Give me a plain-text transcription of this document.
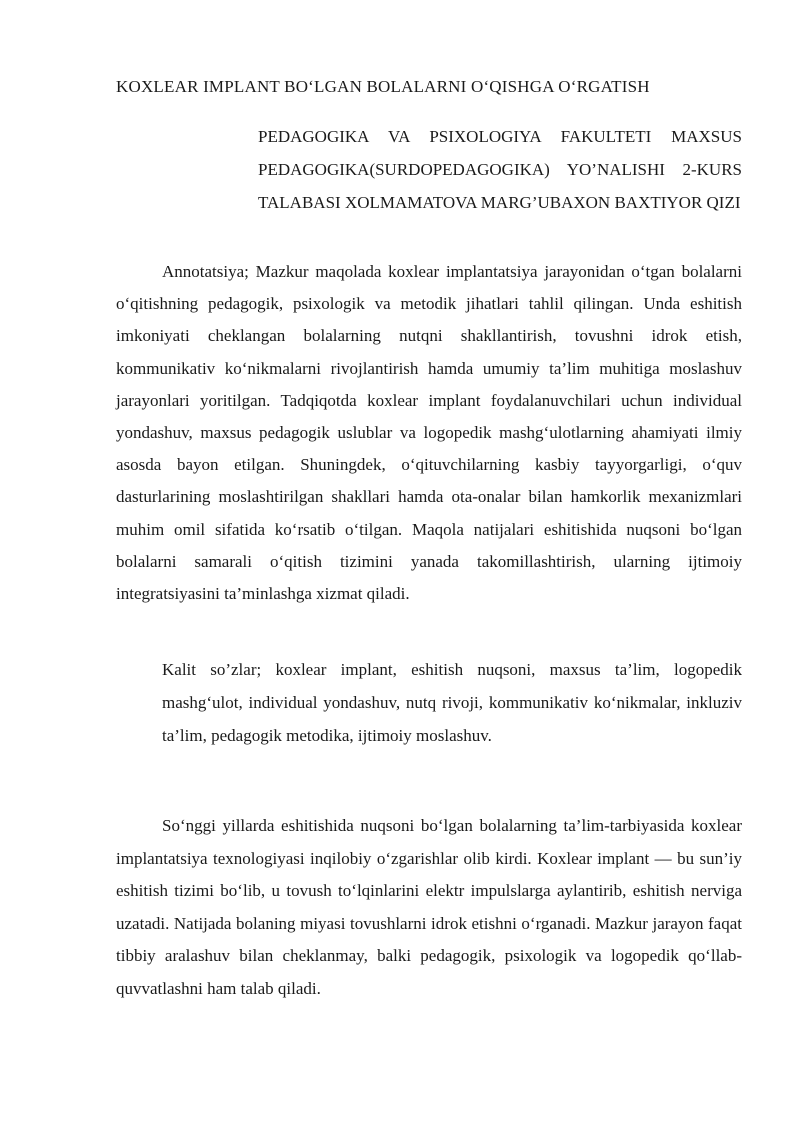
KOXLEAR IMPLANT BO‘LGAN BOLALARNI O‘QISHGA O‘RGATISH

PEDAGOGIKA VA PSIXOLOGIYA FAKULTETI MAXSUS PEDAGOGIKA(SURDOPEDAGOGIKA) YO’NALISHI 2-KURS TALABASI XOLMAMATOVA MARG’UBAXON BAXTIYOR QIZI

Annotatsiya; Mazkur maqolada koxlear implantatsiya jarayonidan o‘tgan bolalarni o‘qitishning pedagogik, psixologik va metodik jihatlari tahlil qilingan. Unda eshitish imkoniyati cheklangan bolalarning nutqni shakllantirish, tovushni idrok etish, kommunikativ ko‘nikmalarni rivojlantirish hamda umumiy ta’lim muhitiga moslashuv jarayonlari yoritilgan. Tadqiqotda koxlear implant foydalanuvchilari uchun individual yondashuv, maxsus pedagogik uslublar va logopedik mashg‘ulotlarning ahamiyati ilmiy asosda bayon etilgan. Shuningdek, o‘qituvchilarning kasbiy tayyorgarligi, o‘quv dasturlarining moslashtirilgan shakllari hamda ota-onalar bilan hamkorlik mexanizmlari muhim omil sifatida ko‘rsatib o‘tilgan. Maqola natijalari eshitishida nuqsoni bo‘lgan bolalarni samarali o‘qitish tizimini yanada takomillashtirish, ularning ijtimoiy integratsiyasini ta’minlashga xizmat qiladi.

Kalit so’zlar; koxlear implant, eshitish nuqsoni, maxsus ta’lim, logopedik mashg‘ulot, individual yondashuv, nutq rivoji, kommunikativ ko‘nikmalar, inkluziv ta’lim, pedagogik metodika, ijtimoiy moslashuv.

So‘nggi yillarda eshitishida nuqsoni bo‘lgan bolalarning ta’lim-tarbiyasida koxlear implantatsiya texnologiyasi inqilobiy o‘zgarishlar olib kirdi. Koxlear implant — bu sun’iy eshitish tizimi bo‘lib, u tovush to‘lqinlarini elektr impulslarga aylantirib, eshitish nerviga uzatadi. Natijada bolaning miyasi tovushlarni idrok etishni o‘rganadi. Mazkur jarayon faqat tibbiy aralashuv bilan cheklanmay, balki pedagogik, psixologik va logopedik qo‘llab-quvvatlashni ham talab qiladi.
